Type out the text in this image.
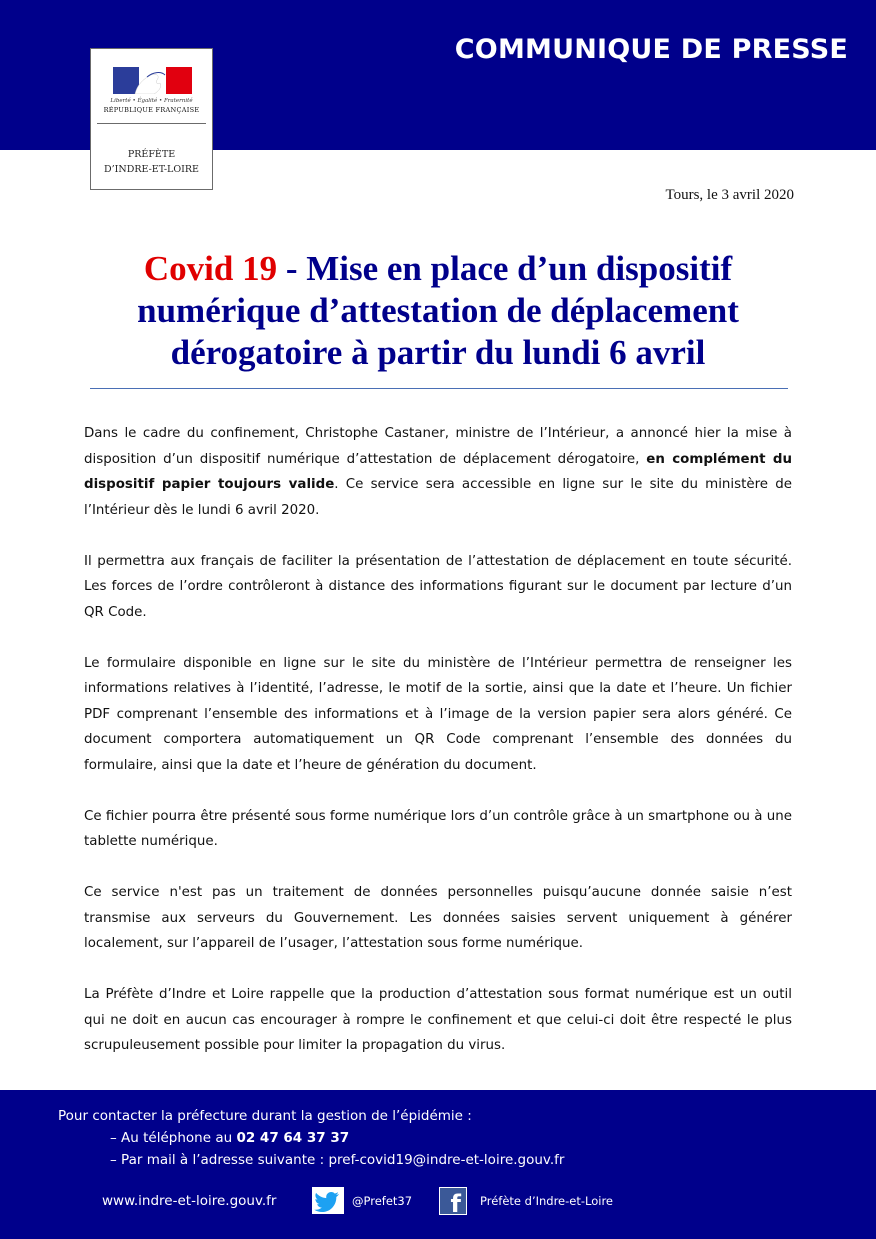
COMMUNIQUE DE PRESSE
Liberté • Égalité • Fraternité
RÉPUBLIQUE FRANÇAISE
PRÉFÈTE
D’INDRE-ET-LOIRE
Tours, le 3 avril 2020
Covid 19 - Mise en place d’un dispositif numérique d’attestation de déplacement dérogatoire à partir du lundi 6 avril

Dans le cadre du confinement, Christophe Castaner, ministre de l’Intérieur, a annoncé hier la mise à disposition d’un dispositif numérique d’attestation de déplacement dérogatoire, en complément du dispositif papier toujours valide. Ce service sera accessible en ligne sur le site du ministère de l’Intérieur dès le lundi 6 avril 2020.

Il permettra aux français de faciliter la présentation de l’attestation de déplacement en toute sécurité. Les forces de l’ordre contrôleront à distance des informations figurant sur le document par lecture d’un QR Code.

Le formulaire disponible en ligne sur le site du ministère de l’Intérieur permettra de renseigner les informations relatives à l’identité, l’adresse, le motif de la sortie, ainsi que la date et l’heure. Un fichier PDF comprenant l’ensemble des informations et à l’image de la version papier sera alors généré. Ce document comportera automatiquement un QR Code comprenant l’ensemble des données du formulaire, ainsi que la date et l’heure de génération du document.

Ce fichier pourra être présenté sous forme numérique lors d’un contrôle grâce à un smartphone ou à une tablette numérique.

Ce service n'est pas un traitement de données personnelles puisqu’aucune donnée saisie n’est transmise aux serveurs du Gouvernement. Les données saisies servent uniquement à générer localement, sur l’appareil de l’usager, l’attestation sous forme numérique.

La Préfète d’Indre et Loire rappelle que la production d’attestation sous format numérique est un outil qui ne doit en aucun cas encourager à rompre le confinement et que celui-ci doit être respecté le plus scrupuleusement possible pour limiter la propagation du virus.

Pour contacter la préfecture durant la gestion de l’épidémie :
– Au téléphone au 02 47 64 37 37
– Par mail à l’adresse suivante : pref-covid19@indre-et-loire.gouv.fr
www.indre-et-loire.gouv.fr	@Prefet37 f Préfète d’Indre-et-Loire
